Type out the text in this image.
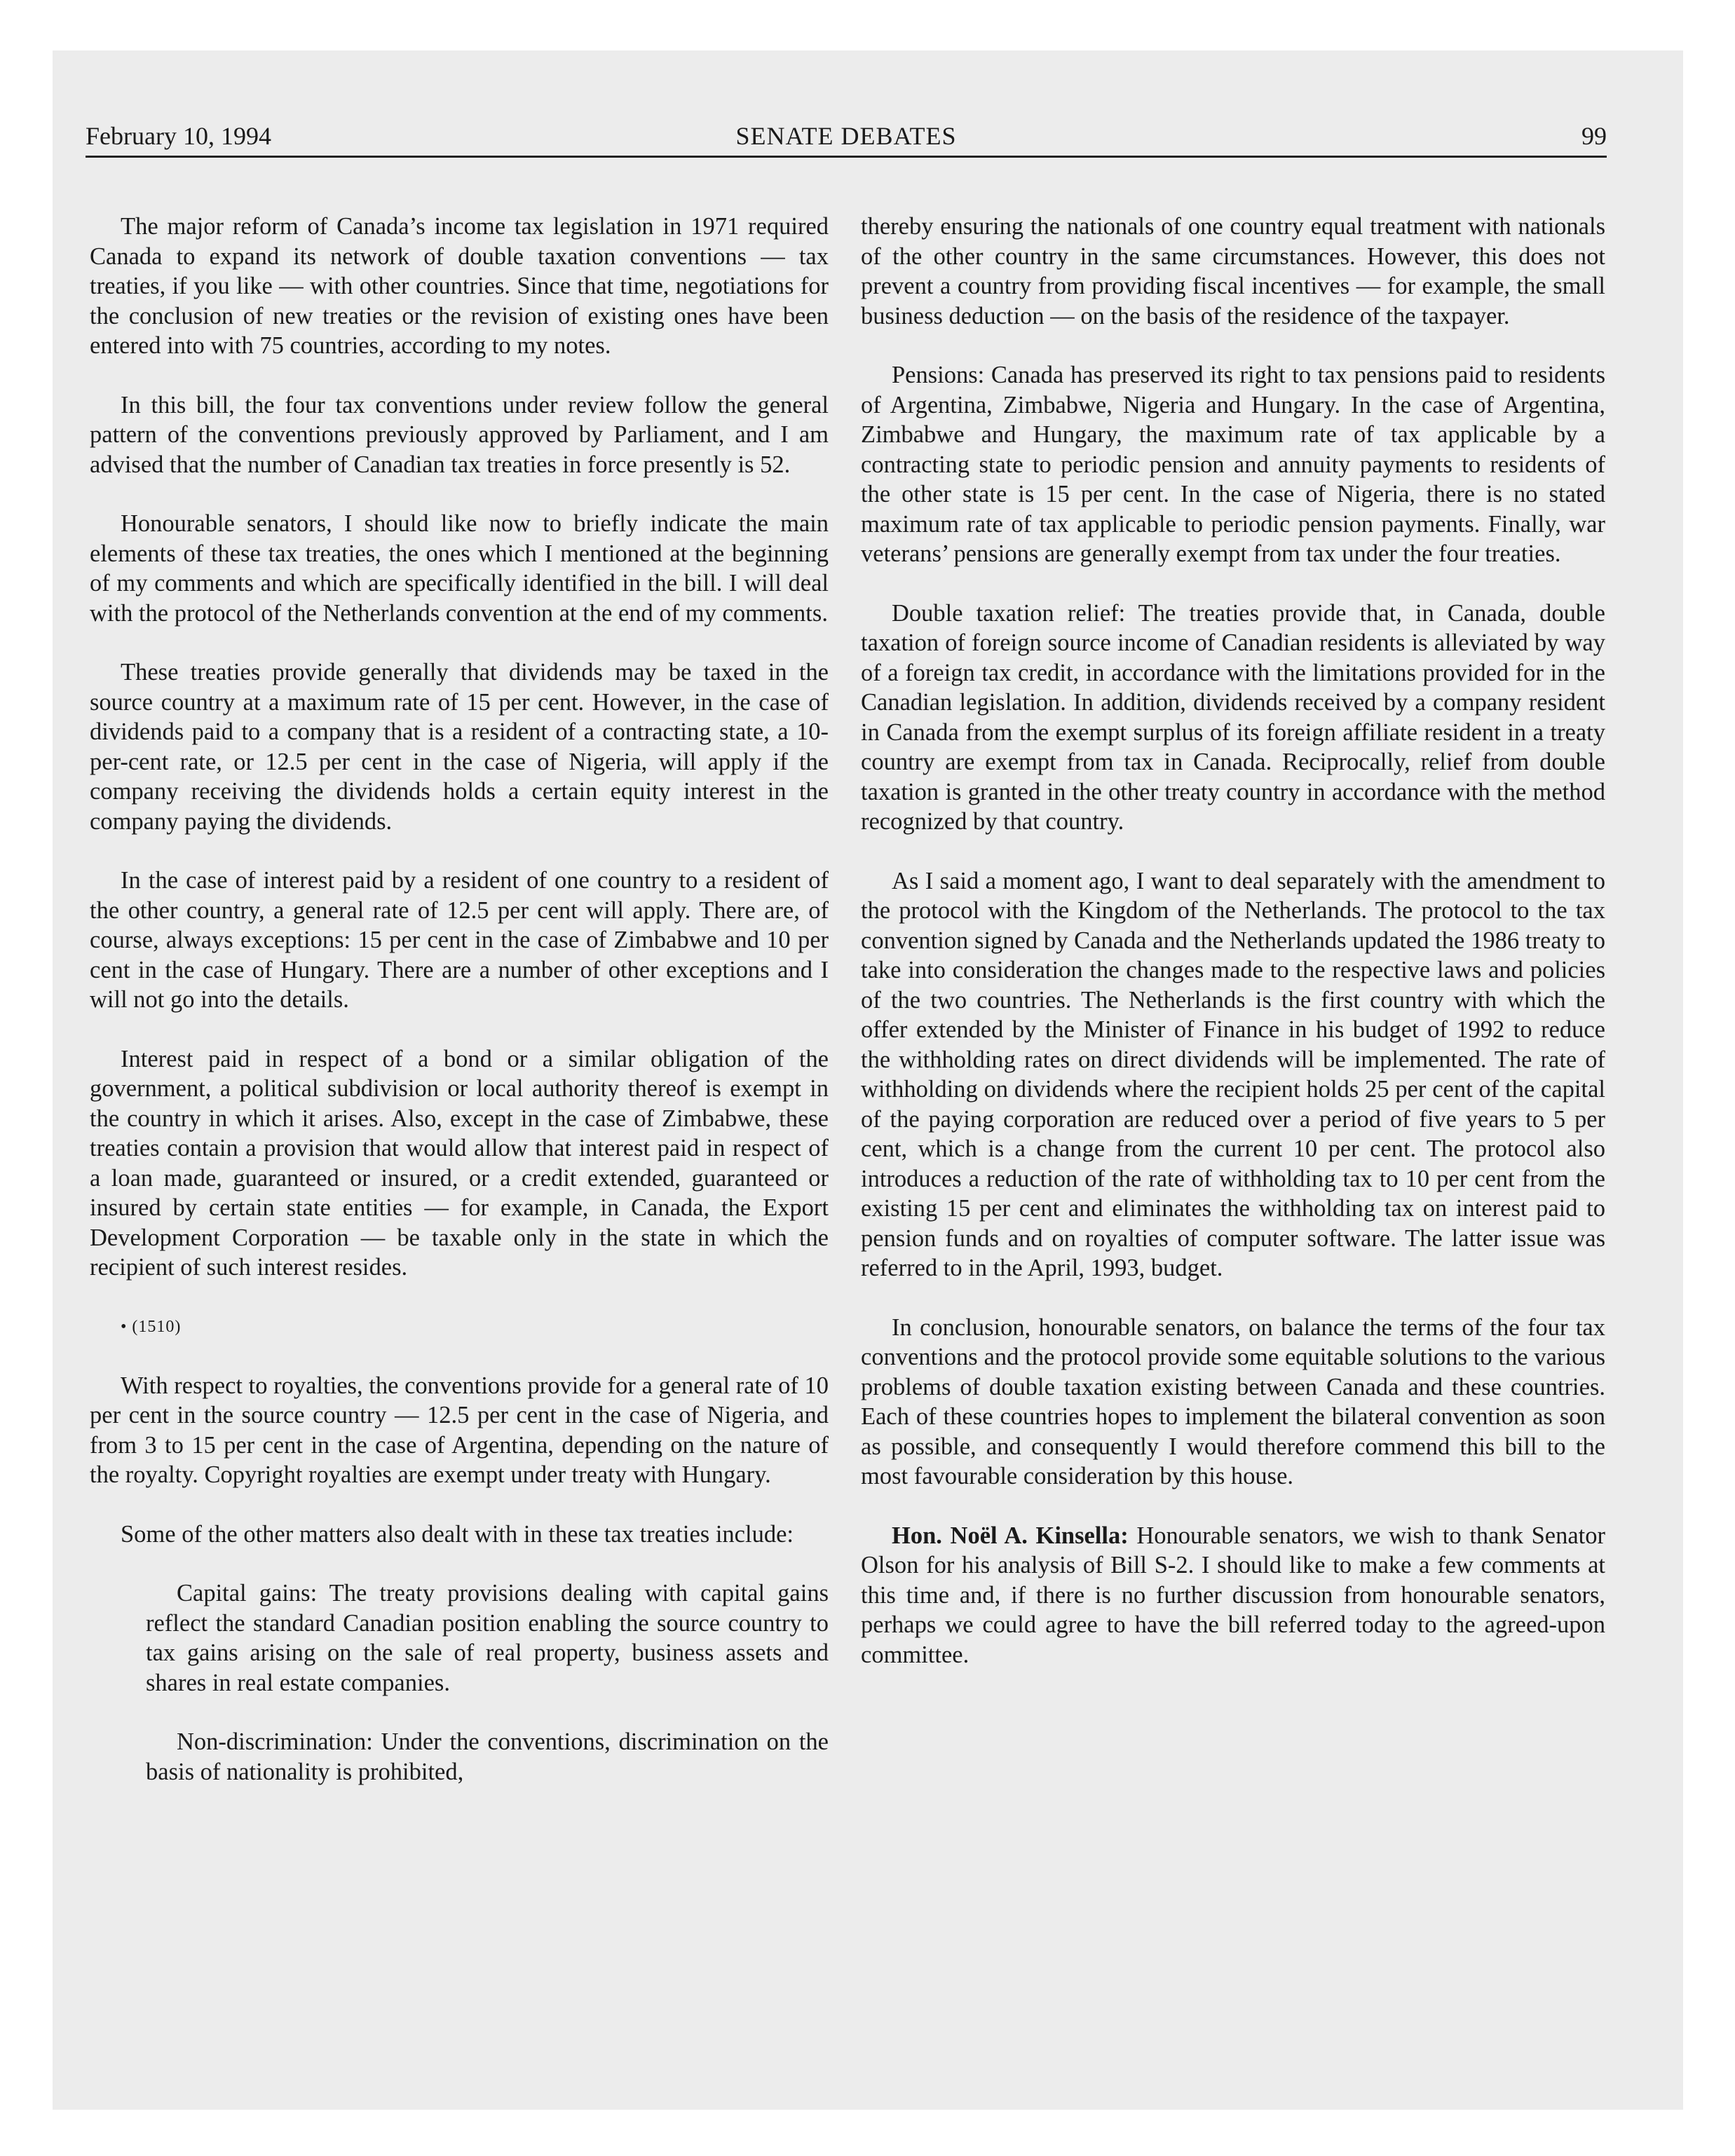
February 10, 1994	SENATE DEBATES	99

The major reform of Canada’s income tax legislation in 1971 required Canada to expand its network of double taxation conventions — tax treaties, if you like — with other countries. Since that time, negotiations for the conclusion of new treaties or the revision of existing ones have been entered into with 75 countries, according to my notes.

In this bill, the four tax conventions under review follow the general pattern of the conventions previously approved by Parliament, and I am advised that the number of Canadian tax treaties in force presently is 52.

Honourable senators, I should like now to briefly indicate the main elements of these tax treaties, the ones which I mentioned at the beginning of my comments and which are specifically identified in the bill. I will deal with the protocol of the Netherlands convention at the end of my comments.

These treaties provide generally that dividends may be taxed in the source country at a maximum rate of 15 per cent. However, in the case of dividends paid to a company that is a resident of a contracting state, a 10-per-cent rate, or 12.5 per cent in the case of Nigeria, will apply if the company receiving the dividends holds a certain equity interest in the company paying the dividends.

In the case of interest paid by a resident of one country to a resident of the other country, a general rate of 12.5 per cent will apply. There are, of course, always exceptions: 15 per cent in the case of Zimbabwe and 10 per cent in the case of Hungary. There are a number of other exceptions and I will not go into the details.

Interest paid in respect of a bond or a similar obligation of the government, a political subdivision or local authority thereof is exempt in the country in which it arises. Also, except in the case of Zimbabwe, these treaties contain a provision that would allow that interest paid in respect of a loan made, guaranteed or insured, or a credit extended, guaranteed or insured by certain state entities — for example, in Canada, the Export Development Corporation — be taxable only in the state in which the recipient of such interest resides.

• (1510)

With respect to royalties, the conventions provide for a general rate of 10 per cent in the source country — 12.5 per cent in the case of Nigeria, and from 3 to 15 per cent in the case of Argentina, depending on the nature of the royalty. Copyright royalties are exempt under treaty with Hungary.

Some of the other matters also dealt with in these tax treaties include:

Capital gains: The treaty provisions dealing with capital gains reflect the standard Canadian position enabling the source country to tax gains arising on the sale of real property, business assets and shares in real estate companies.

Non-discrimination: Under the conventions, discrimination on the basis of nationality is prohibited,

thereby ensuring the nationals of one country equal treatment with nationals of the other country in the same circumstances. However, this does not prevent a country from providing fiscal incentives — for example, the small business deduction — on the basis of the residence of the taxpayer.

Pensions: Canada has preserved its right to tax pensions paid to residents of Argentina, Zimbabwe, Nigeria and Hungary. In the case of Argentina, Zimbabwe and Hungary, the maximum rate of tax applicable by a contracting state to periodic pension and annuity payments to residents of the other state is 15 per cent. In the case of Nigeria, there is no stated maximum rate of tax applicable to periodic pension payments. Finally, war veterans’ pensions are generally exempt from tax under the four treaties.

Double taxation relief: The treaties provide that, in Canada, double taxation of foreign source income of Canadian residents is alleviated by way of a foreign tax credit, in accordance with the limitations provided for in the Canadian legislation. In addition, dividends received by a company resident in Canada from the exempt surplus of its foreign affiliate resident in a treaty country are exempt from tax in Canada. Reciprocally, relief from double taxation is granted in the other treaty country in accordance with the method recognized by that country.

As I said a moment ago, I want to deal separately with the amendment to the protocol with the Kingdom of the Netherlands. The protocol to the tax convention signed by Canada and the Netherlands updated the 1986 treaty to take into consideration the changes made to the respective laws and policies of the two countries. The Netherlands is the first country with which the offer extended by the Minister of Finance in his budget of 1992 to reduce the withholding rates on direct dividends will be implemented. The rate of withholding on dividends where the recipient holds 25 per cent of the capital of the paying corporation are reduced over a period of five years to 5 per cent, which is a change from the current 10 per cent. The protocol also introduces a reduction of the rate of withholding tax to 10 per cent from the existing 15 per cent and eliminates the withholding tax on interest paid to pension funds and on royalties of computer software. The latter issue was referred to in the April, 1993, budget.

In conclusion, honourable senators, on balance the terms of the four tax conventions and the protocol provide some equitable solutions to the various problems of double taxation existing between Canada and these countries. Each of these countries hopes to implement the bilateral convention as soon as possible, and consequently I would therefore commend this bill to the most favourable consideration by this house.

Hon. Noël A. Kinsella: Honourable senators, we wish to thank Senator Olson for his analysis of Bill S-2. I should like to make a few comments at this time and, if there is no further discussion from honourable senators, perhaps we could agree to have the bill referred today to the agreed-upon committee.
